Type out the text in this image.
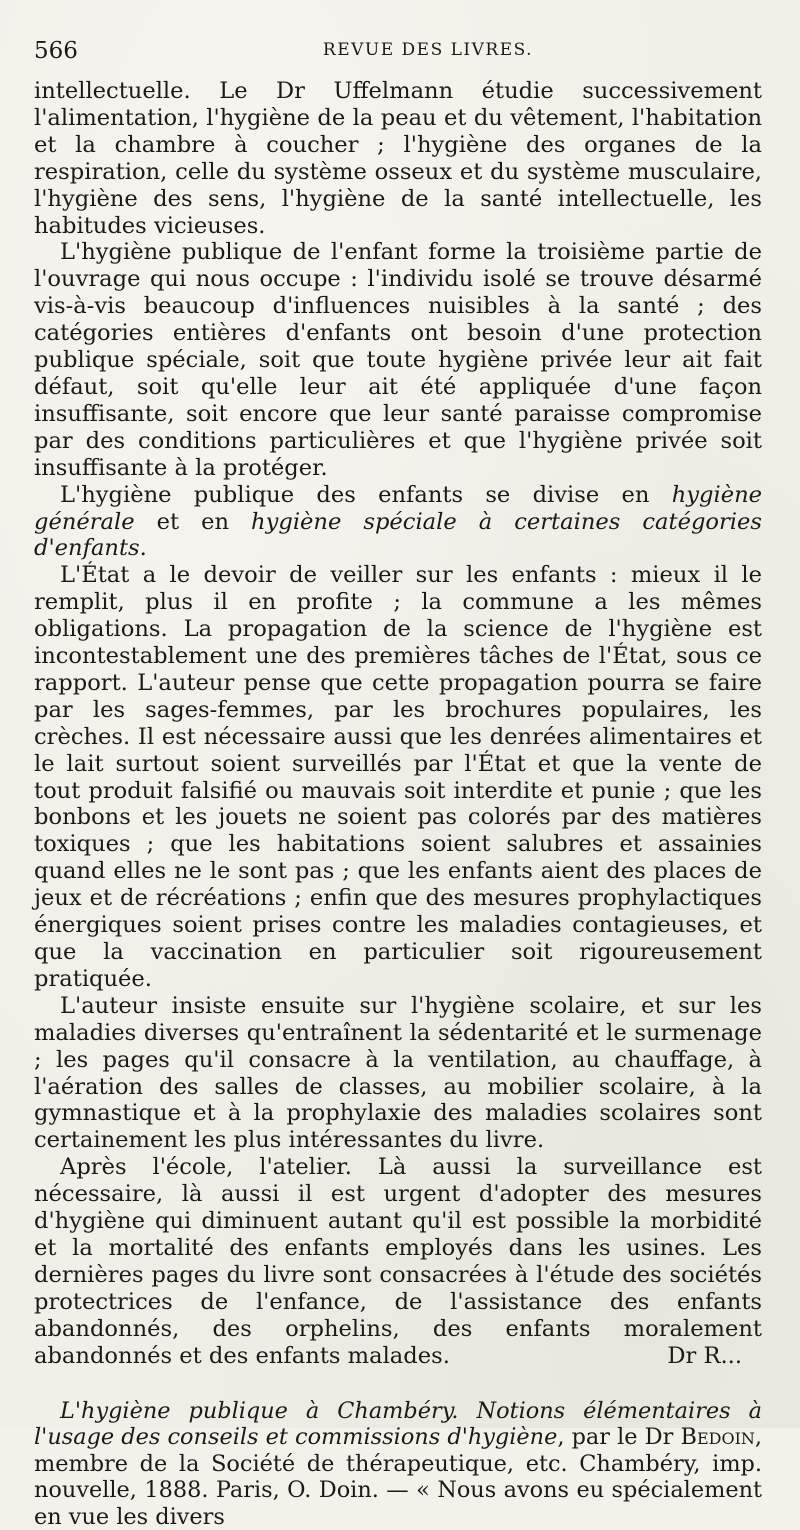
566	REVUE DES LIVRES.

intellectuelle. Le Dr Uffelmann étudie successivement l'alimentation, l'hygiène de la peau et du vêtement, l'habitation et la chambre à coucher ; l'hygiène des organes de la respiration, celle du système osseux et du système musculaire, l'hygiène des sens, l'hygiène de la santé intellectuelle, les habitudes vicieuses.

L'hygiène publique de l'enfant forme la troisième partie de l'ouvrage qui nous occupe : l'individu isolé se trouve désarmé vis-à-vis beaucoup d'influences nuisibles à la santé ; des catégories entières d'enfants ont besoin d'une protection publique spéciale, soit que toute hygiène privée leur ait fait défaut, soit qu'elle leur ait été appliquée d'une façon insuffisante, soit encore que leur santé paraisse compromise par des conditions particulières et que l'hygiène privée soit insuffisante à la protéger.

L'hygiène publique des enfants se divise en hygiène générale et en hygiène spéciale à certaines catégories d'enfants.

L'État a le devoir de veiller sur les enfants : mieux il le remplit, plus il en profite ; la commune a les mêmes obligations. La propagation de la science de l'hygiène est incontestablement une des premières tâches de l'État, sous ce rapport. L'auteur pense que cette propagation pourra se faire par les sages-femmes, par les brochures populaires, les crèches. Il est nécessaire aussi que les denrées alimentaires et le lait surtout soient surveillés par l'État et que la vente de tout produit falsifié ou mauvais soit interdite et punie ; que les bonbons et les jouets ne soient pas colorés par des matières toxiques ; que les habitations soient salubres et assainies quand elles ne le sont pas ; que les enfants aient des places de jeux et de récréations ; enfin que des mesures prophylactiques énergiques soient prises contre les maladies contagieuses, et que la vaccination en particulier soit rigoureusement pratiquée.

L'auteur insiste ensuite sur l'hygiène scolaire, et sur les maladies diverses qu'entraînent la sédentarité et le surmenage ; les pages qu'il consacre à la ventilation, au chauffage, à l'aération des salles de classes, au mobilier scolaire, à la gymnastique et à la prophylaxie des maladies scolaires sont certainement les plus intéressantes du livre.

Après l'école, l'atelier. Là aussi la surveillance est nécessaire, là aussi il est urgent d'adopter des mesures d'hygiène qui diminuent autant qu'il est possible la morbidité et la mortalité des enfants employés dans les usines. Les dernières pages du livre sont consacrées à l'étude des sociétés protectrices de l'enfance, de l'assistance des enfants abandonnés, des orphelins, des enfants moralement abandonnés et des enfants malades.	Dr R...

L'hygiène publique à Chambéry. Notions élémentaires à l'usage des conseils et commissions d'hygiène, par le Dr Bedoin, membre de la Société de thérapeutique, etc. Chambéry, imp. nouvelle, 1888. Paris, O. Doin. — « Nous avons eu spécialement en vue les divers
